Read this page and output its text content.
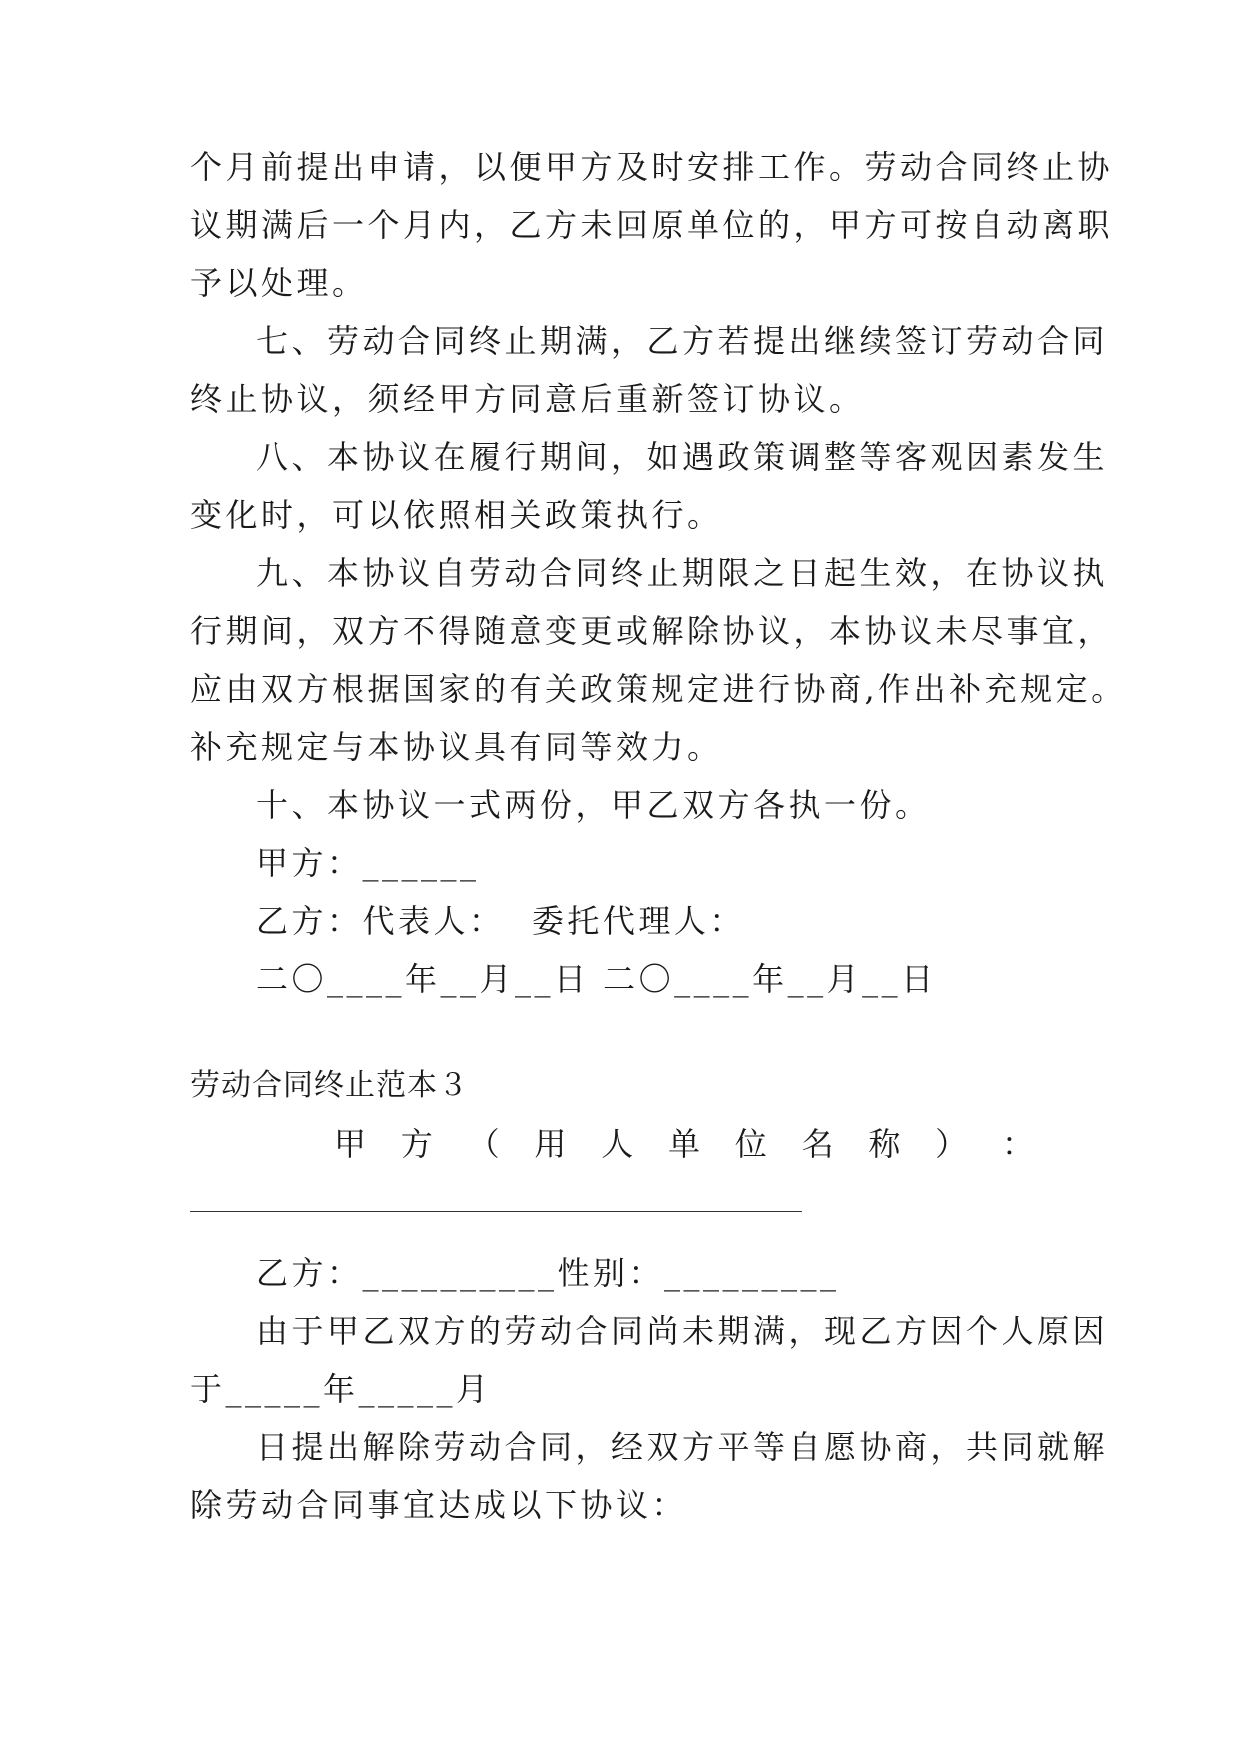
个月前提出申请，以便甲方及时安排工作。劳动合同终止协
议期满后一个月内，乙方未回原单位的，甲方可按自动离职
予以处理。
七、劳动合同终止期满，乙方若提出继续签订劳动合同
终止协议，须经甲方同意后重新签订协议。
八、本协议在履行期间，如遇政策调整等客观因素发生
变化时，可以依照相关政策执行。
九、本协议自劳动合同终止期限之日起生效，在协议执
行期间，双方不得随意变更或解除协议，本协议未尽事宜，
应由双方根据国家的有关政策规定进行协商,作出补充规定。
补充规定与本协议具有同等效力。
十、本协议一式两份，甲乙双方各执一份。
甲方：______
乙方：代表人：  委托代理人：
二〇____年__月__日 二〇____年__月__日
劳动合同终止范本３
甲 方 （ 用 人 单 位 名 称 ） ：
乙方：__________性别：_________
由于甲乙双方的劳动合同尚未期满，现乙方因个人原因
于_____年_____月
日提出解除劳动合同，经双方平等自愿协商，共同就解
除劳动合同事宜达成以下协议：
